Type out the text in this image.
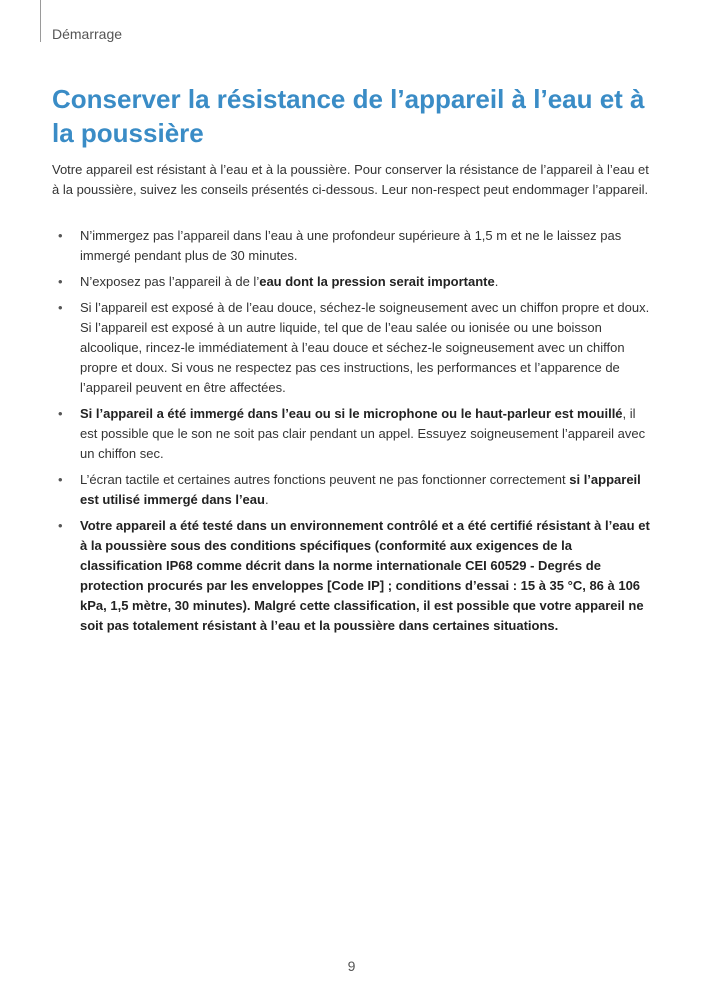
Démarrage
Conserver la résistance de l’appareil à l’eau et à la poussière

Votre appareil est résistant à l’eau et à la poussière. Pour conserver la résistance de l’appareil à l’eau et à la poussière, suivez les conseils présentés ci-dessous. Leur non-respect peut endommager l’appareil.

• N’immergez pas l’appareil dans l’eau à une profondeur supérieure à 1,5 m et ne le laissez pas immergé pendant plus de 30 minutes.
• N’exposez pas l’appareil à de l’eau dont la pression serait importante.
• Si l’appareil est exposé à de l’eau douce, séchez-le soigneusement avec un chiffon propre et doux. Si l’appareil est exposé à un autre liquide, tel que de l’eau salée ou ionisée ou une boisson alcoolique, rincez-le immédiatement à l’eau douce et séchez-le soigneusement avec un chiffon propre et doux. Si vous ne respectez pas ces instructions, les performances et l’apparence de l’appareil peuvent en être affectées.
• Si l’appareil a été immergé dans l’eau ou si le microphone ou le haut-parleur est mouillé, il est possible que le son ne soit pas clair pendant un appel. Essuyez soigneusement l’appareil avec un chiffon sec.
• L’écran tactile et certaines autres fonctions peuvent ne pas fonctionner correctement si l’appareil est utilisé immergé dans l’eau.
• Votre appareil a été testé dans un environnement contrôlé et a été certifié résistant à l’eau et à la poussière sous des conditions spécifiques (conformité aux exigences de la classification IP68 comme décrit dans la norme internationale CEI 60529 - Degrés de protection procurés par les enveloppes [Code IP] ; conditions d’essai : 15 à 35 °C, 86 à 106 kPa, 1,5 mètre, 30 minutes). Malgré cette classification, il est possible que votre appareil ne soit pas totalement résistant à l’eau et la poussière dans certaines situations.
9
